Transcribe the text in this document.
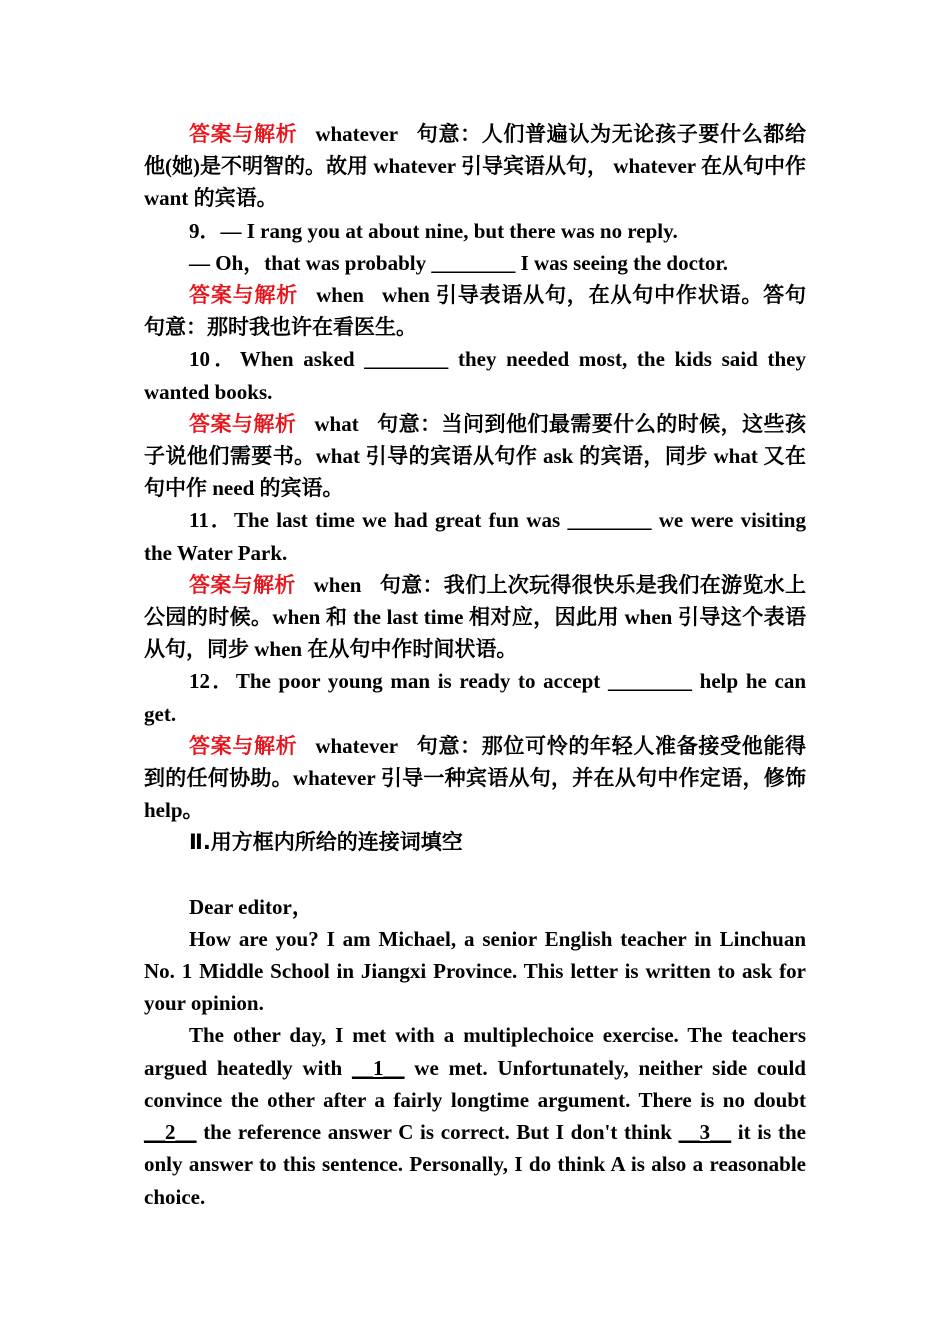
答案与解析 whatever 句意：人们普遍认为无论孩子要什么都给他(她)是不明智的。故用 whatever 引导宾语从句， whatever 在从句中作 want 的宾语。

9．— I rang you at about nine, but there was no reply.

— Oh，that was probably ________ I was seeing the doctor.

答案与解析 when when 引导表语从句，在从句中作状语。答句句意：那时我也许在看医生。

10．When asked ________ they needed most, the kids said they wanted books.

答案与解析 what 句意：当问到他们最需要什么的时候，这些孩子说他们需要书。what 引导的宾语从句作 ask 的宾语，同步 what 又在句中作 need 的宾语。

11．The last time we had great fun was ________ we were visiting the Water Park.

答案与解析 when 句意：我们上次玩得很快乐是我们在游览水上公园的时候。when 和 the last time 相对应，因此用 when 引导这个表语从句，同步 when 在从句中作时间状语。

12．The poor young man is ready to accept ________ help he can get.

答案与解析 whatever 句意：那位可怜的年轻人准备接受他能得到的任何协助。whatever 引导一种宾语从句，并在从句中作定语，修饰 help。

Ⅱ.用方框内所给的连接词填空

Dear editor，

How are you? I am Michael, a senior English teacher in Linchuan No. 1 Middle School in Jiangxi Province. This letter is written to ask for your opinion.

The other day, I met with a multiplechoice exercise. The teachers argued heatedly with __1__ we met. Unfortunately, neither side could convince the other after a fairly longtime argument. There is no doubt __2__ the reference answer C is correct. But I don't think __3__ it is the only answer to this sentence. Personally, I do think A is also a reasonable choice.
